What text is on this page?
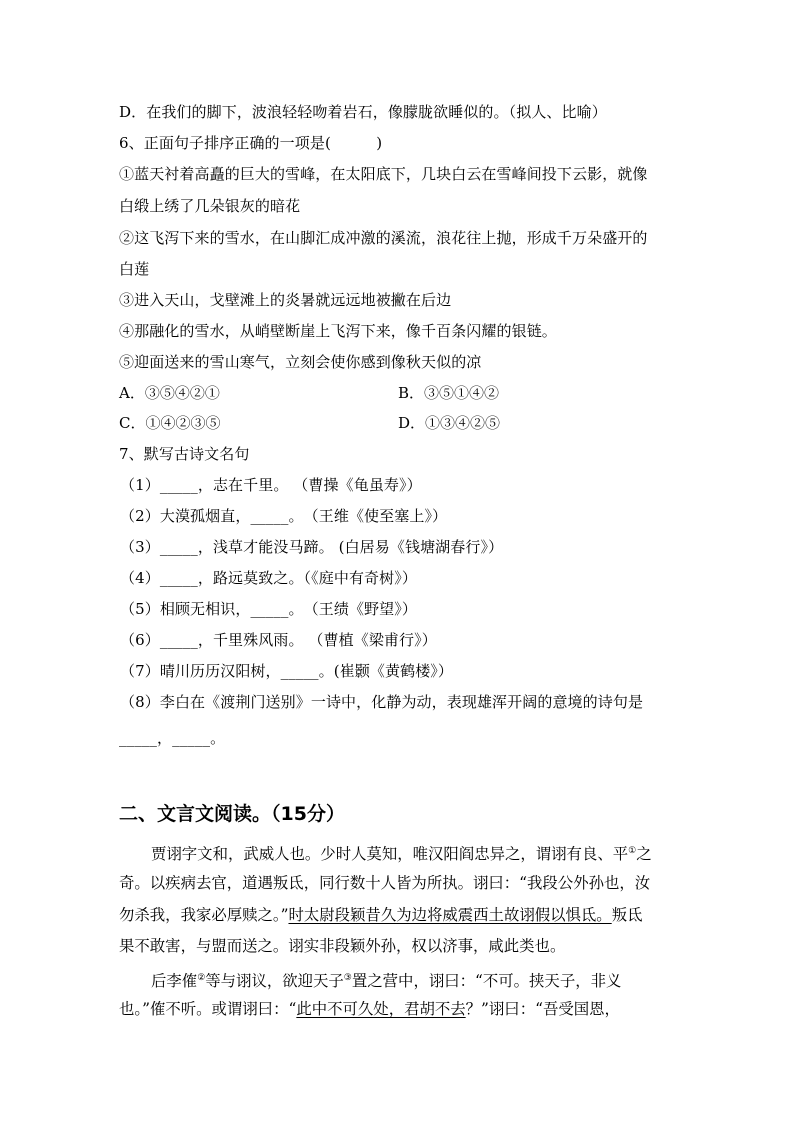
D．在我们的脚下，波浪轻轻吻着岩石，像朦胧欲睡似的。（拟人、比喻）
6、正面句子排序正确的一项是(　　　)
①蓝天衬着高矗的巨大的雪峰，在太阳底下，几块白云在雪峰间投下云影，就像
白缎上绣了几朵银灰的暗花
②这飞泻下来的雪水，在山脚汇成冲激的溪流，浪花往上抛，形成千万朵盛开的
白莲
③进入天山，戈壁滩上的炎暑就远远地被撇在后边
④那融化的雪水，从峭壁断崖上飞泻下来，像千百条闪耀的银链。
⑤迎面送来的雪山寒气，立刻会使你感到像秋天似的凉
A．③⑤④②①	B．③⑤①④②
C．①④②③⑤	D．①③④②⑤
7、默写古诗文名句
（1）_____，志在千里。 （曹操《龟虽寿》）
（2）大漠孤烟直，_____。　（王维《使至塞上》）
（3）_____，浅草才能没马蹄。 (白居易《钱塘湖春行》）
（4）_____，路远莫致之。（《庭中有奇树》）
（5）相顾无相识，_____。　（王绩《野望》）
（6）_____，千里殊风雨。 （曹植《梁甫行》）
（7）晴川历历汉阳树，_____。(崔颢《黄鹤楼》）
（8）李白在《渡荆门送别》一诗中，化静为动，表现雄浑开阔的意境的诗句是
_____，_____。
二、文言文阅读。（15分）
贾诩字文和，武威人也。少时人莫知，唯汉阳阎忠异之，谓诩有良、平①之
奇。以疾病去官，道遇叛氐，同行数十人皆为所执。诩曰：“我段公外孙也，汝
勿杀我，我家必厚赎之。”时太尉段颖昔久为边将威震西土故诩假以惧氐。叛氐
果不敢害，与盟而送之。诩实非段颖外孙，权以济事，咸此类也。
后李傕②等与诩议，欲迎天子③置之营中，诩曰：“不可。挟天子，非义
也。”傕不听。或谓诩曰：“此中不可久处，君胡不去？”诩曰：“吾受国恩，
